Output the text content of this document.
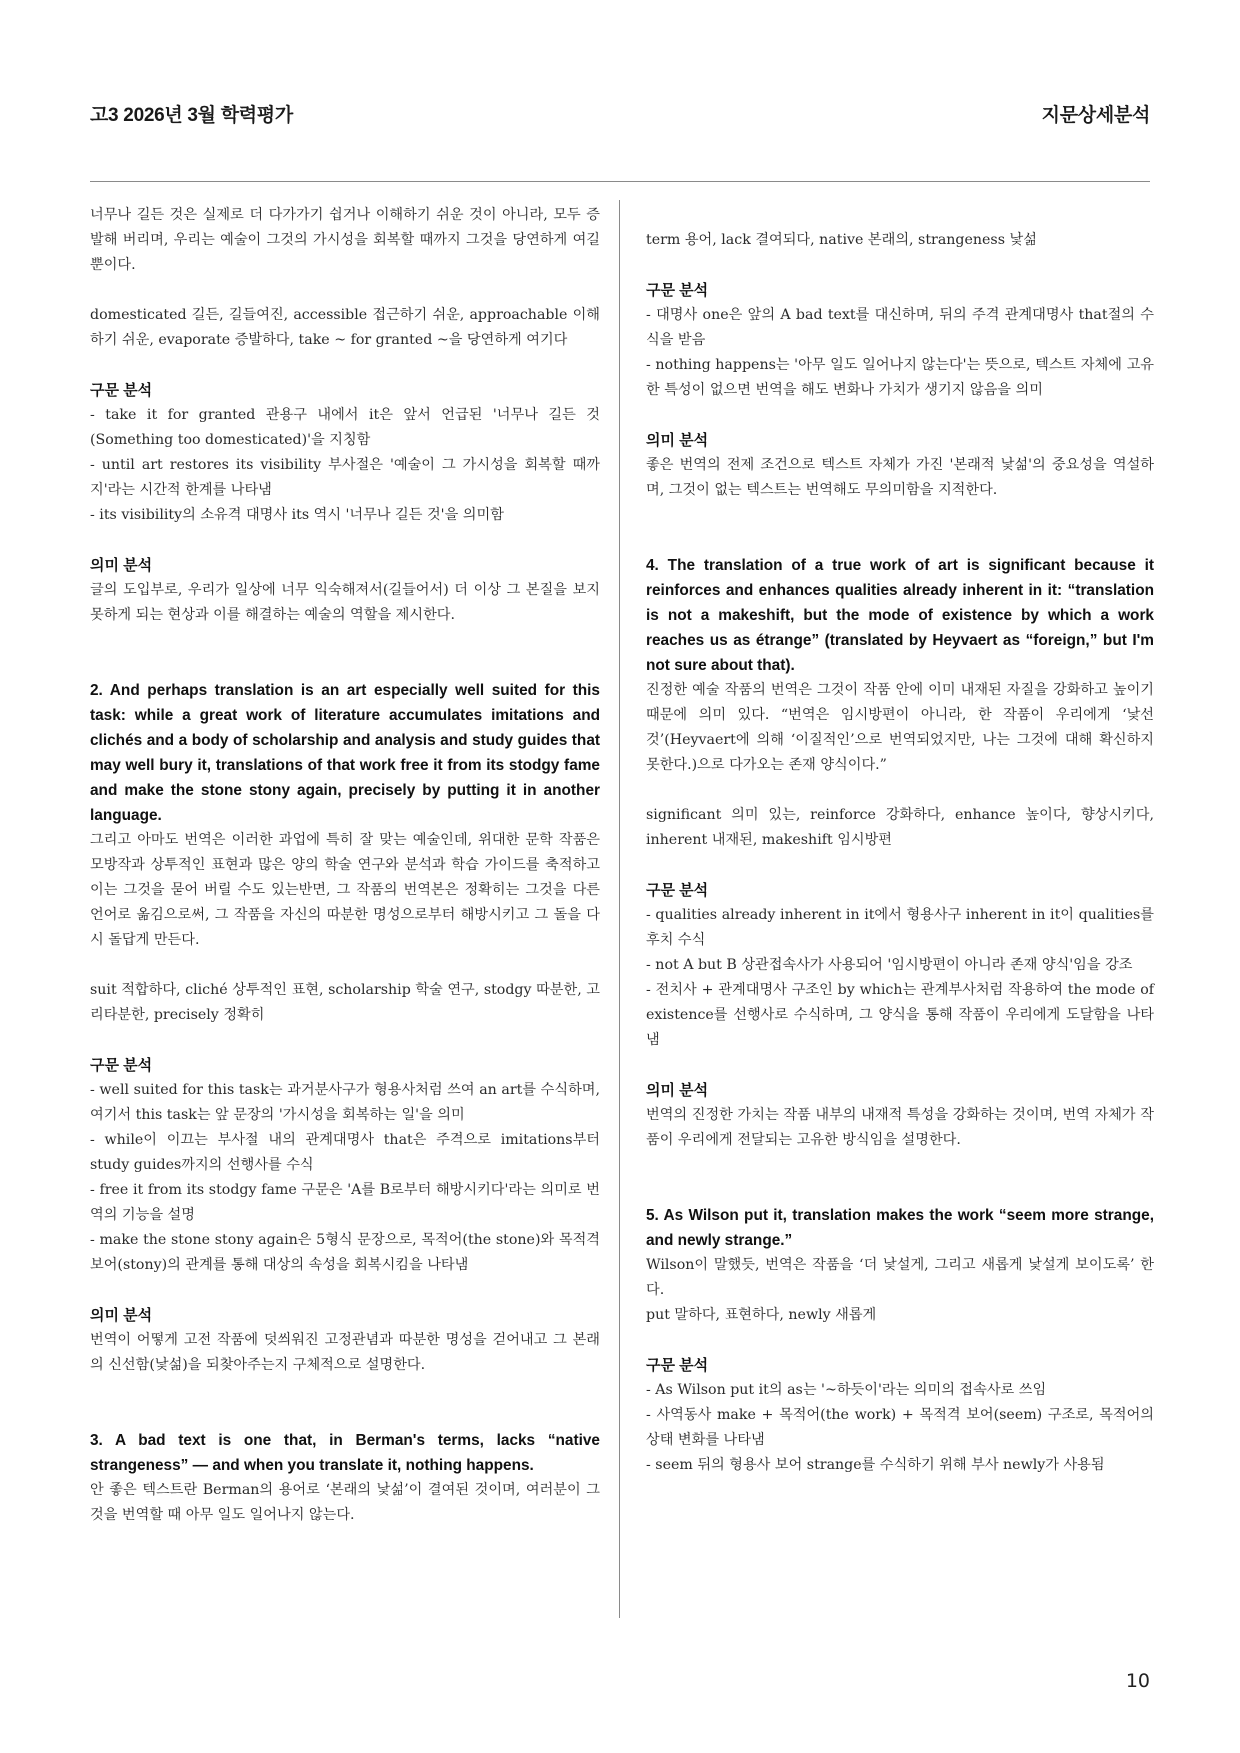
고3 2026년 3월 학력평가	지문상세분석

너무나 길든 것은 실제로 더 다가가기 쉽거나 이해하기 쉬운 것이 아니라, 모두 증발해 버리며, 우리는 예술이 그것의 가시성을 회복할 때까지 그것을 당연하게 여길 뿐이다.

domesticated 길든, 길들여진, accessible 접근하기 쉬운, approachable 이해하기 쉬운, evaporate 증발하다, take ~ for granted ~을 당연하게 여기다

구문 분석

- take it for granted 관용구 내에서 it은 앞서 언급된 '너무나 길든 것(Something too domesticated)'을 지칭함

- until art restores its visibility 부사절은 '예술이 그 가시성을 회복할 때까지'라는 시간적 한계를 나타냄

- its visibility의 소유격 대명사 its 역시 '너무나 길든 것'을 의미함

의미 분석

글의 도입부로, 우리가 일상에 너무 익숙해져서(길들어서) 더 이상 그 본질을 보지 못하게 되는 현상과 이를 해결하는 예술의 역할을 제시한다.

2. And perhaps translation is an art especially well suited for this task: while a great work of literature accumulates imitations and clichés and a body of scholarship and analysis and study guides that may well bury it, translations of that work free it from its stodgy fame and make the stone stony again, precisely by putting it in another language.

그리고 아마도 번역은 이러한 과업에 특히 잘 맞는 예술인데, 위대한 문학 작품은 모방작과 상투적인 표현과 많은 양의 학술 연구와 분석과 학습 가이드를 축적하고 이는 그것을 묻어 버릴 수도 있는반면, 그 작품의 번역본은 정확히는 그것을 다른 언어로 옮김으로써, 그 작품을 자신의 따분한 명성으로부터 해방시키고 그 돌을 다시 돌답게 만든다.

suit 적합하다, cliché 상투적인 표현, scholarship 학술 연구, stodgy 따분한, 고리타분한, precisely 정확히

구문 분석

- well suited for this task는 과거분사구가 형용사처럼 쓰여 an art를 수식하며, 여기서 this task는 앞 문장의 '가시성을 회복하는 일'을 의미

- while이 이끄는 부사절 내의 관계대명사 that은 주격으로 imitations부터 study guides까지의 선행사를 수식

- free it from its stodgy fame 구문은 'A를 B로부터 해방시키다'라는 의미로 번역의 기능을 설명

- make the stone stony again은 5형식 문장으로, 목적어(the stone)와 목적격 보어(stony)의 관계를 통해 대상의 속성을 회복시킴을 나타냄

의미 분석

번역이 어떻게 고전 작품에 덧씌워진 고정관념과 따분한 명성을 걷어내고 그 본래의 신선함(낯섦)을 되찾아주는지 구체적으로 설명한다.

3. A bad text is one that, in Berman's terms, lacks “native strangeness” — and when you translate it, nothing happens.

안 좋은 텍스트란 Berman의 용어로 ‘본래의 낯섦’이 결여된 것이며, 여러분이 그것을 번역할 때 아무 일도 일어나지 않는다.

term 용어, lack 결여되다, native 본래의, strangeness 낯섦

구문 분석

- 대명사 one은 앞의 A bad text를 대신하며, 뒤의 주격 관계대명사 that절의 수식을 받음

- nothing happens는 '아무 일도 일어나지 않는다'는 뜻으로, 텍스트 자체에 고유한 특성이 없으면 번역을 해도 변화나 가치가 생기지 않음을 의미

의미 분석

좋은 번역의 전제 조건으로 텍스트 자체가 가진 '본래적 낯섦'의 중요성을 역설하며, 그것이 없는 텍스트는 번역해도 무의미함을 지적한다.

4. The translation of a true work of art is significant because it reinforces and enhances qualities already inherent in it: “translation is not a makeshift, but the mode of existence by which a work reaches us as étrange” (translated by Heyvaert as “foreign,” but I'm not sure about that).

진정한 예술 작품의 번역은 그것이 작품 안에 이미 내재된 자질을 강화하고 높이기 때문에 의미 있다. “번역은 임시방편이 아니라, 한 작품이 우리에게 ‘낯선 것’(Heyvaert에 의해 ‘이질적인’으로 번역되었지만, 나는 그것에 대해 확신하지 못한다.)으로 다가오는 존재 양식이다.”

significant 의미 있는, reinforce 강화하다, enhance 높이다, 향상시키다, inherent 내재된, makeshift 임시방편

구문 분석

- qualities already inherent in it에서 형용사구 inherent in it이 qualities를 후치 수식

- not A but B 상관접속사가 사용되어 '임시방편이 아니라 존재 양식'임을 강조

- 전치사 + 관계대명사 구조인 by which는 관계부사처럼 작용하여 the mode of existence를 선행사로 수식하며, 그 양식을 통해 작품이 우리에게 도달함을 나타냄

의미 분석

번역의 진정한 가치는 작품 내부의 내재적 특성을 강화하는 것이며, 번역 자체가 작품이 우리에게 전달되는 고유한 방식임을 설명한다.

5. As Wilson put it, translation makes the work “seem more strange, and newly strange.”

Wilson이 말했듯, 번역은 작품을 ‘더 낯설게, 그리고 새롭게 낯설게 보이도록’ 한다.

put 말하다, 표현하다, newly 새롭게

구문 분석

- As Wilson put it의 as는 '~하듯이'라는 의미의 접속사로 쓰임

- 사역동사 make + 목적어(the work) + 목적격 보어(seem) 구조로, 목적어의 상태 변화를 나타냄

- seem 뒤의 형용사 보어 strange를 수식하기 위해 부사 newly가 사용됨

10
